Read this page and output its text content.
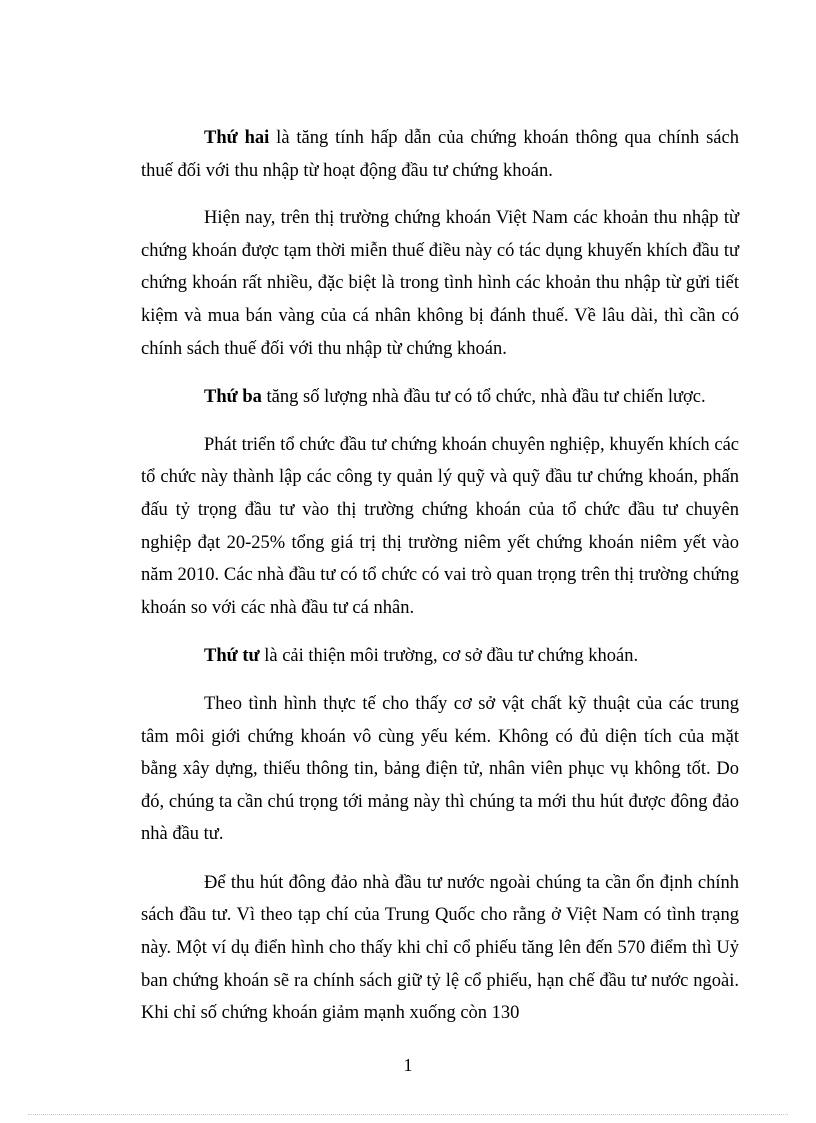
Thứ hai là tăng tính hấp dẫn của chứng khoán thông qua chính sách thuế đối với thu nhập từ hoạt động đầu tư chứng khoán.

Hiện nay, trên thị trường chứng khoán Việt Nam các khoản thu nhập từ chứng khoán được tạm thời miễn thuế điều này có tác dụng khuyến khích đầu tư chứng khoán rất nhiều, đặc biệt là trong tình hình các khoản thu nhập từ gửi tiết kiệm và mua bán vàng của cá nhân không bị đánh thuế. Về lâu dài, thì cần có chính sách thuế đối với thu nhập từ chứng khoán.

Thứ ba tăng số lượng nhà đầu tư có tổ chức, nhà đầu tư chiến lược.

Phát triển tổ chức đầu tư chứng khoán chuyên nghiệp, khuyến khích các tổ chức này thành lập các công ty quản lý quỹ và quỹ đầu tư chứng khoán, phấn đấu tỷ trọng đầu tư vào thị trường chứng khoán của tổ chức đầu tư chuyên nghiệp đạt 20-25% tổng giá trị thị trường niêm yết chứng khoán niêm yết vào năm 2010. Các nhà đầu tư có tổ chức có vai trò quan trọng trên thị trường chứng khoán so với các nhà đầu tư cá nhân.

Thứ tư là cải thiện môi trường, cơ sở đầu tư chứng khoán.

Theo tình hình thực tế cho thấy cơ sở vật chất kỹ thuật của các trung tâm môi giới chứng khoán vô cùng yếu kém. Không có đủ diện tích của mặt bằng xây dựng, thiếu thông tin, bảng điện tử, nhân viên phục vụ không tốt. Do đó, chúng ta cần chú trọng tới mảng này thì chúng ta mới thu hút được đông đảo nhà đầu tư.

Để thu hút đông đảo nhà đầu tư nước ngoài chúng ta cần ổn định chính sách đầu tư. Vì theo tạp chí của Trung Quốc cho rằng ở Việt Nam có tình trạng này. Một ví dụ điển hình cho thấy khi chỉ cổ phiếu tăng lên đến 570 điểm thì Uỷ ban chứng khoán sẽ ra chính sách giữ tỷ lệ cổ phiếu, hạn chế đầu tư nước ngoài. Khi chỉ số chứng khoán giảm mạnh xuống còn 130

1
